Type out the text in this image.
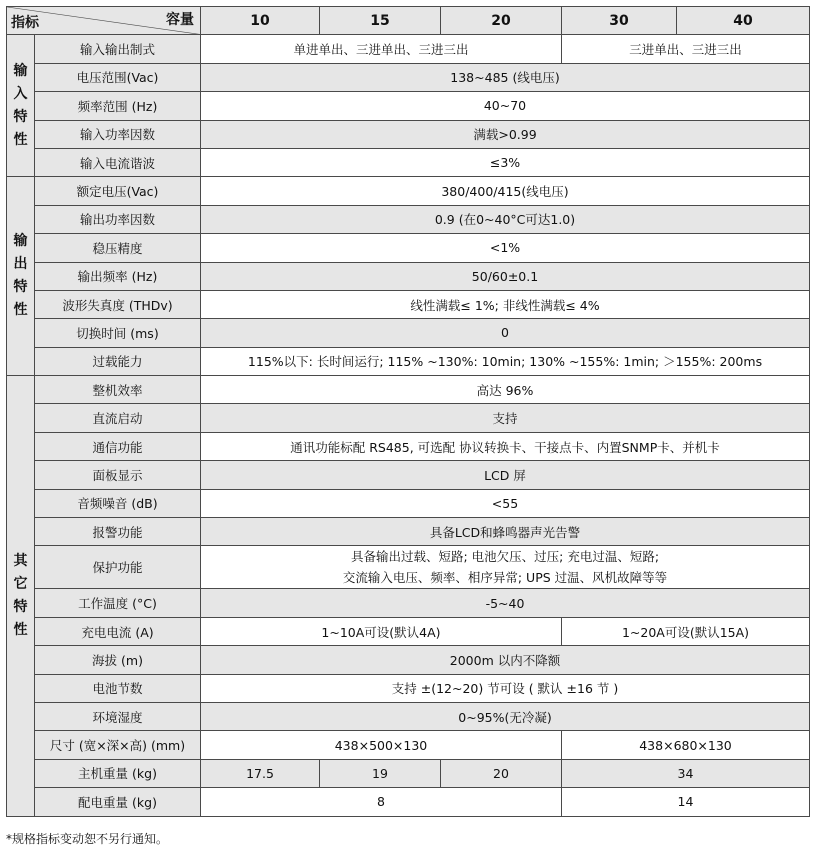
容量
指标		10	15	20	30	40

输
入
特
性	输入输出制式	单进单出、三进单出、三进三出			三进单出、三进三出	
	电压范围(Vac)	138~485 (线电压)				
	频率范围 (Hz)	40~70				
	输入功率因数	满载>0.99				
	输入电流谐波	≤3%				

输
出
特
性	额定电压(Vac)	380/400/415(线电压)				
	输出功率因数	0.9 (在0~40°C可达1.0)				
	稳压精度	<1%				
	输出频率 (Hz)	50/60±0.1				
	波形失真度 (THDv)	线性满载≤ 1%; 非线性满载≤ 4%				
	切换时间 (ms)	0				
	过载能力	115%以下: 长时间运行; 115% ~130%: 10min; 130% ~155%: 1min; ＞155%: 200ms				

其
它
特
性	整机效率	高达 96%				
	直流启动	支持				
	通信功能	通讯功能标配 RS485, 可选配 协议转换卡、干接点卡、内置SNMP卡、并机卡				
	面板显示	LCD 屏				
	音频噪音 (dB)	<55				
	报警功能	具备LCD和蜂鸣器声光告警				
	保护功能	具备输出过载、短路; 电池欠压、过压; 充电过温、短路;
交流输入电压、频率、相序异常; UPS 过温、风机故障等等				

	工作温度 (°C)	-5~40				
	充电电流 (A)	1~10A可设(默认4A)			1~20A可设(默认15A)	
	海拔 (m)	2000m 以内不降额				
	电池节数	支持 ±(12~20) 节可设 ( 默认 ±16 节 )				
	环境湿度	0~95%(无冷凝)				
	尺寸 (宽×深×高) (mm)	438×500×130			438×680×130	
	主机重量 (kg)	17.5	19	20	34	
	配电重量 (kg)	8			14	
*规格指标变动恕不另行通知。
